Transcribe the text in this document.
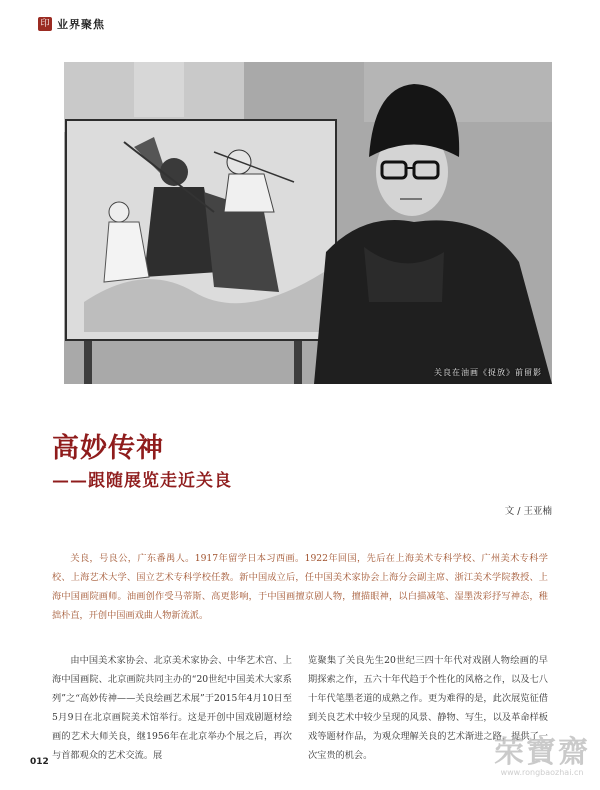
印 业界聚焦
关良在油画《捉放》前留影
高妙传神
——跟随展览走近关良
文 / 王亚楠

关良，号良公，广东番禺人。1917年留学日本习西画。1922年回国，先后在上海美术专科学校、广州美术专科学校、上海艺术大学、国立艺术专科学校任教。新中国成立后，任中国美术家协会上海分会副主席、浙江美术学院教授、上海中国画院画师。油画创作受马蒂斯、高更影响，于中国画擅京剧人物，擅描眼神，以白描减笔、湿墨泼彩抒写神态，稚拙朴直，开创中国画戏曲人物新流派。

由中国美术家协会、北京美术家协会、中华艺术宫、上海中国画院、北京画院共同主办的“20世纪中国美术大家系列”之“高妙传神——关良绘画艺术展”于2015年4月10日至5月9日在北京画院美术馆举行。这是开创中国戏剧题材绘画的艺术大师关良，继1956年在北京举办个展之后，再次与首都观众的艺术交流。展

览聚集了关良先生20世纪三四十年代对戏剧人物绘画的早期探索之作，五六十年代趋于个性化的风格之作，以及七八十年代笔墨老道的成熟之作。更为难得的是，此次展览征借到关良艺术中较少呈现的风景、静物、写生，以及革命样板戏等题材作品，为观众理解关良的艺术渐进之路，提供了一次宝贵的机会。

012	荣寶齋
www.rongbaozhai.cn
